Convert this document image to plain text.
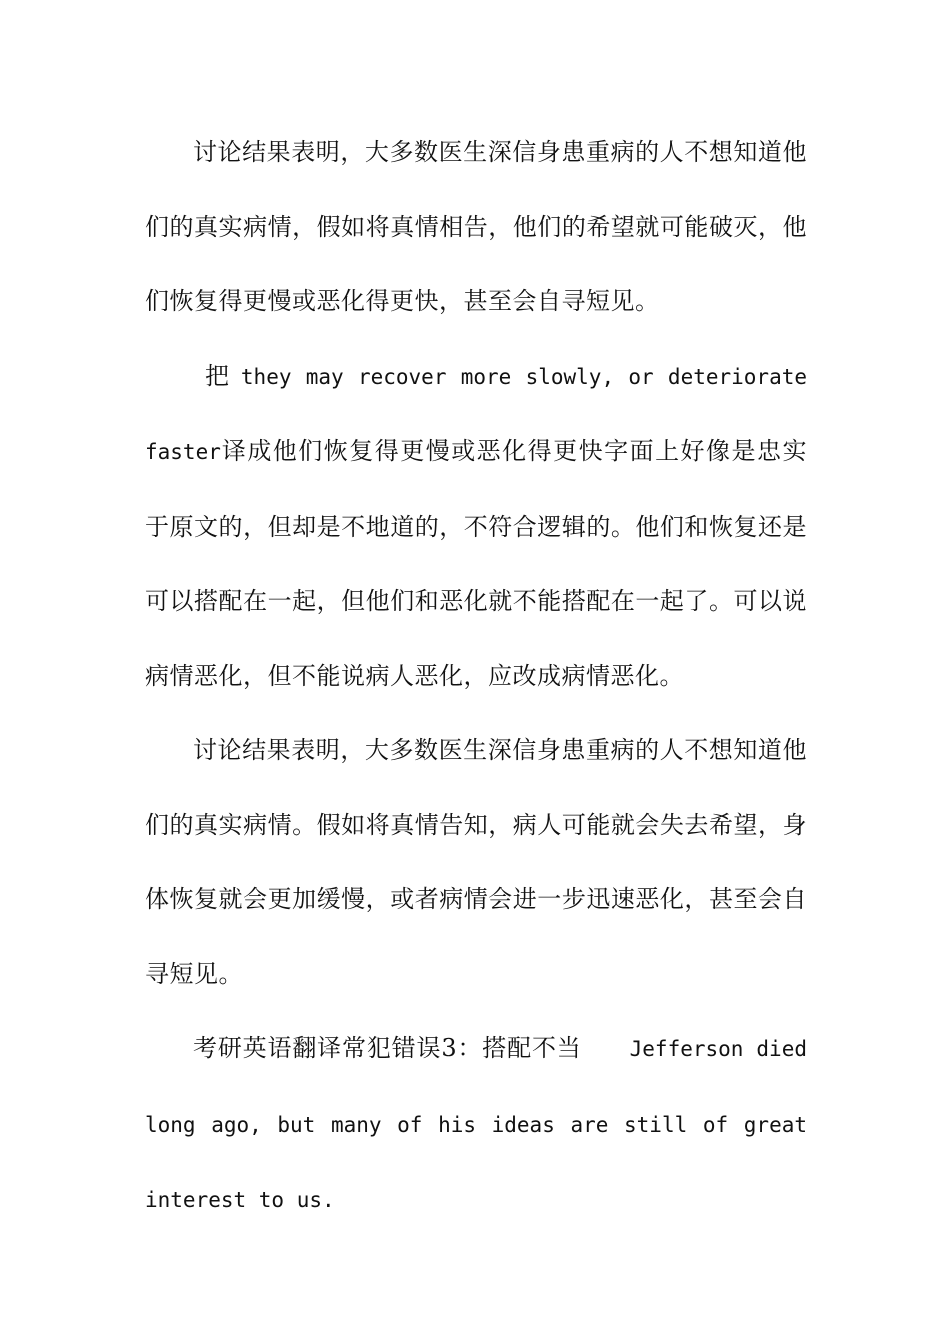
讨论结果表明，大多数医生深信身患重病的人不想知道他们的真实病情，假如将真情相告，他们的希望就可能破灭，他们恢复得更慢或恶化得更快，甚至会自寻短见。

把 they may recover more slowly, or deteriorate faster译成他们恢复得更慢或恶化得更快字面上好像是忠实于原文的，但却是不地道的，不符合逻辑的。他们和恢复还是可以搭配在一起，但他们和恶化就不能搭配在一起了。可以说病情恶化，但不能说病人恶化，应改成病情恶化。

讨论结果表明，大多数医生深信身患重病的人不想知道他们的真实病情。假如将真情告知，病人可能就会失去希望，身体恢复就会更加缓慢，或者病情会进一步迅速恶化，甚至会自寻短见。

考研英语翻译常犯错误3：搭配不当 Jefferson died long ago, but many of his ideas are still of great interest to us.
